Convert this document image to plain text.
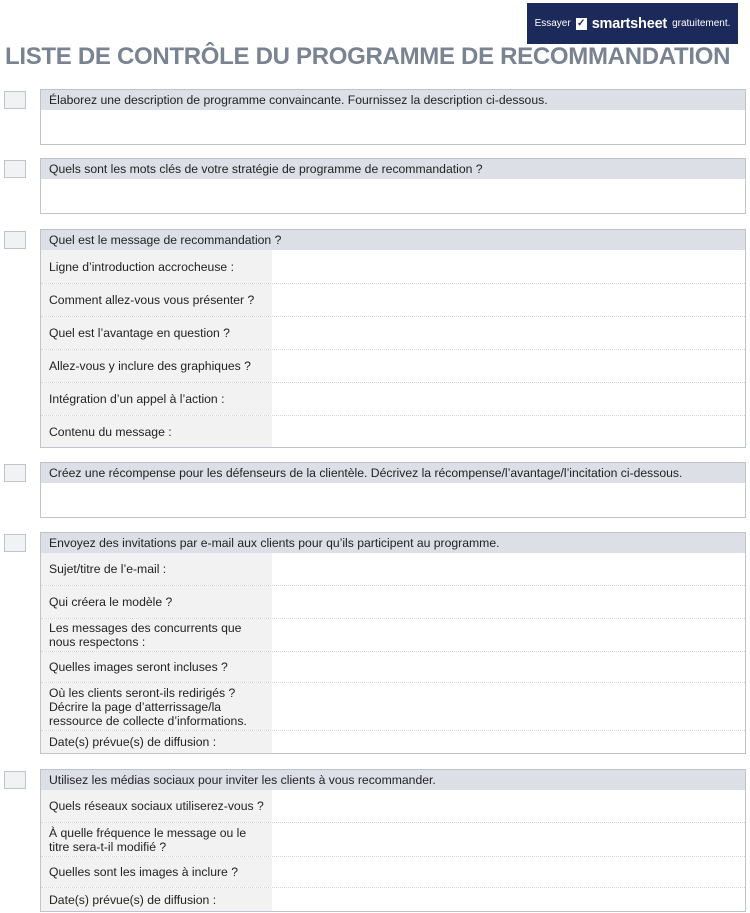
Essayer ✓ smartsheet gratuitement.
LISTE DE CONTRÔLE DU PROGRAMME DE RECOMMANDATION
Élaborez une description de programme convaincante. Fournissez la description ci-dessous.
Quels sont les mots clés de votre stratégie de programme de recommandation ?
Quel est le message de recommandation ?
Ligne d’introduction accrocheuse :
Comment allez-vous vous présenter ?
Quel est l’avantage en question ?
Allez-vous y inclure des graphiques ?
Intégration d’un appel à l’action :
Contenu du message :
Créez une récompense pour les défenseurs de la clientèle. Décrivez la récompense/l’avantage/l’incitation ci-dessous.
Envoyez des invitations par e-mail aux clients pour qu’ils participent au programme.
Sujet/titre de l’e-mail :
Qui créera le modèle ?
Les messages des concurrents que nous respectons :
Quelles images seront incluses ?
Où les clients seront-ils redirigés ? Décrire la page d’atterrissage/la ressource de collecte d’informations.
Date(s) prévue(s) de diffusion :
Utilisez les médias sociaux pour inviter les clients à vous recommander.
Quels réseaux sociaux utiliserez-vous ?
À quelle fréquence le message ou le titre sera-t-il modifié ?
Quelles sont les images à inclure ?
Date(s) prévue(s) de diffusion :
